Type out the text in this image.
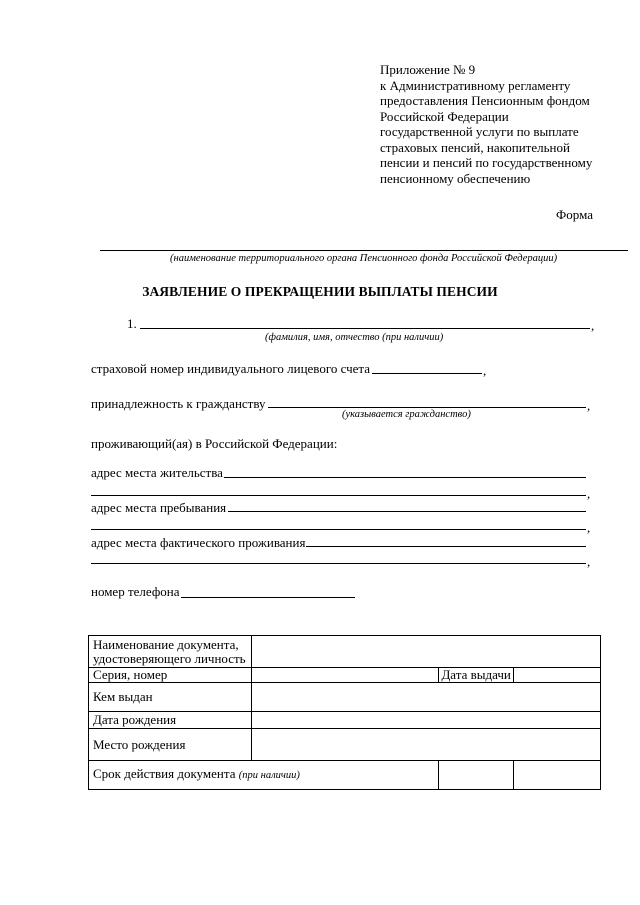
Приложение № 9
к Административному регламенту
предоставления Пенсионным фондом
Российской Федерации
государственной услуги по выплате
страховых пенсий, накопительной
пенсии и пенсий по государственному
пенсионному обеспечению
Форма
(наименование территориального органа Пенсионного фонда Российской Федерации)
ЗАЯВЛЕНИЕ О ПРЕКРАЩЕНИИ ВЫПЛАТЫ ПЕНСИИ
1.	,
(фамилия, имя, отчество (при наличии)
страховой номер индивидуального лицевого счета	,
принадлежность к гражданству	,
(указывается гражданство)
проживающий(ая) в Российской Федерации:
адрес места жительства
,
адрес места пребывания
,
адрес места фактического проживания
,
номер телефона
Наименование документа, удостоверяющего личность			
Серия, номер		Дата выдачи	
Кем выдан			
Дата рождения			
Место рождения			
Срок действия документа (при наличии)			
